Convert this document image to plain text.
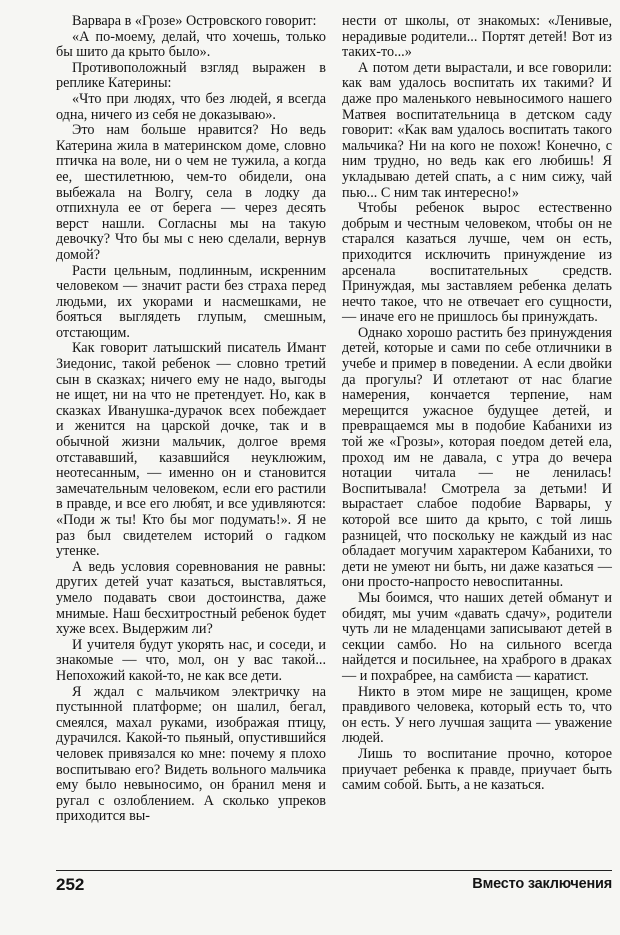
Варвара в «Грозе» Островского говорит:

«А по-моему, делай, что хочешь, только бы шито да крыто было».

Противоположный взгляд выражен в реплике Катерины:

«Что при людях, что без людей, я всегда одна, ничего из себя не доказываю».

Это нам больше нравится? Но ведь Катерина жила в материнском доме, словно птичка на воле, ни о чем не тужила, а когда ее, шестилетнюю, чем-то обидели, она выбежала на Волгу, села в лодку да отпихнула ее от берега — через десять верст нашли. Согласны мы на такую девочку? Что бы мы с нею сделали, вернув домой?

Расти цельным, подлинным, искренним человеком — значит расти без страха перед людьми, их укорами и насмешками, не бояться выглядеть глупым, смешным, отстающим.

Как говорит латышский писатель Имант Зиедонис, такой ребенок — словно третий сын в сказках; ничего ему не надо, выгоды не ищет, ни на что не претендует. Но, как в сказках Иванушка-дурачок всех побеждает и женится на царской дочке, так и в обычной жизни мальчик, долгое время отстававший, казавшийся неуклюжим, неотесанным, — именно он и становится замечательным человеком, если его растили в правде, и все его любят, и все удивляются: «Поди ж ты! Кто бы мог подумать!». Я не раз был свидетелем историй о гадком утенке.

А ведь условия соревнования не равны: других детей учат казаться, выставляться, умело подавать свои достоинства, даже мнимые. Наш бесхитростный ребенок будет хуже всех. Выдержим ли?

И учителя будут укорять нас, и соседи, и знакомые — что, мол, он у вас такой... Непохожий какой-то, не как все дети.

Я ждал с мальчиком электричку на пустынной платформе; он шалил, бегал, смеялся, махал руками, изображая птицу, дурачился. Какой-то пьяный, опустившийся человек привязался ко мне: почему я плохо воспитываю его? Видеть вольного мальчика ему было невыносимо, он бранил меня и ругал с озлоблением. А сколько упреков приходится вы-

нести от школы, от знакомых: «Ленивые, нерадивые родители... Портят детей! Вот из таких-то...»

А потом дети вырастали, и все говорили: как вам удалось воспитать их такими? И даже про маленького невыносимого нашего Матвея воспитательница в детском саду говорит: «Как вам удалось воспитать такого мальчика? Ни на кого не похож! Конечно, с ним трудно, но ведь как его любишь! Я укладываю детей спать, а с ним сижу, чай пью... С ним так интересно!»

Чтобы ребенок вырос естественно добрым и честным человеком, чтобы он не старался казаться лучше, чем он есть, приходится исключить принуждение из арсенала воспитательных средств. Принуждая, мы заставляем ребенка делать нечто такое, что не отвечает его сущности, — иначе его не пришлось бы принуждать.

Однако хорошо растить без принуждения детей, которые и сами по себе отличники в учебе и пример в поведении. А если двойки да прогулы? И отлетают от нас благие намерения, кончается терпение, нам мерещится ужасное будущее детей, и превращаемся мы в подобие Кабанихи из той же «Грозы», которая поедом детей ела, проход им не давала, с утра до вечера нотации читала — не ленилась! Воспитывала! Смотрела за детьми! И вырастает слабое подобие Варвары, у которой все шито да крыто, с той лишь разницей, что поскольку не каждый из нас обладает могучим характером Кабанихи, то дети не умеют ни быть, ни даже казаться — они просто-напросто невоспитанны.

Мы боимся, что наших детей обманут и обидят, мы учим «давать сдачу», родители чуть ли не младенцами записывают детей в секции самбо. Но на сильного всегда найдется и посильнее, на храброго в драках — и похрабрее, на самбиста — каратист.

Никто в этом мире не защищен, кроме правдивого человека, который есть то, что он есть. У него лучшая защита — уважение людей.

Лишь то воспитание прочно, которое приучает ребенка к правде, приучает быть самим собой. Быть, а не казаться.

252	Вместо заключения
